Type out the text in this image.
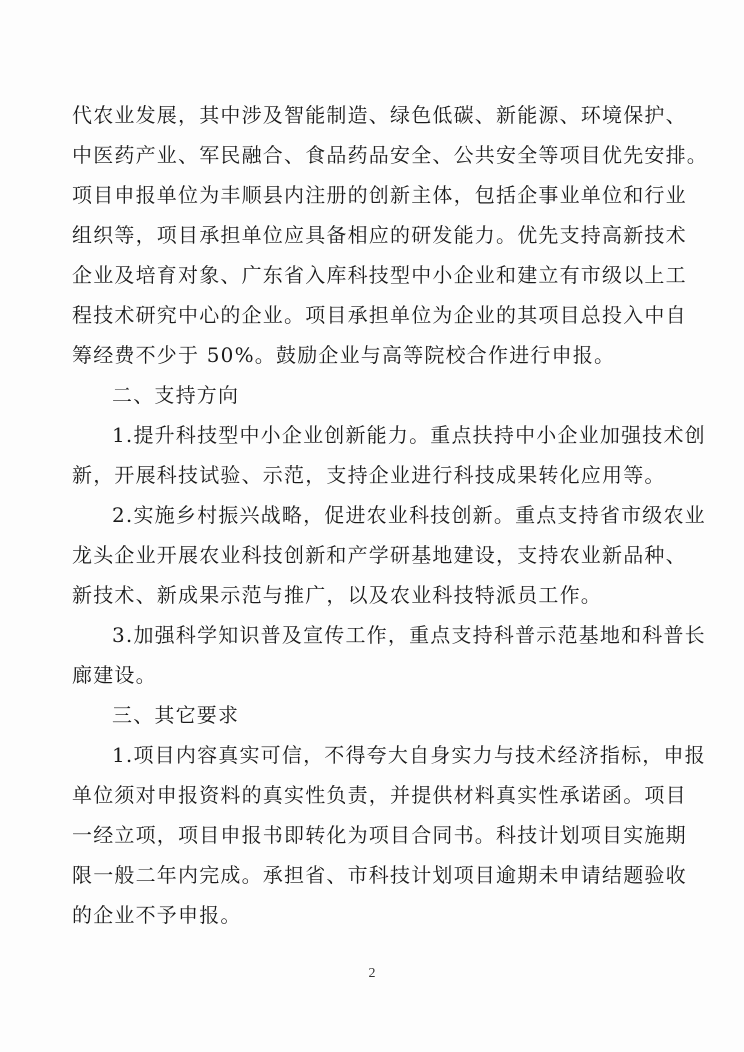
代农业发展，其中涉及智能制造、绿色低碳、新能源、环境保护、
中医药产业、军民融合、食品药品安全、公共安全等项目优先安排。
项目申报单位为丰顺县内注册的创新主体，包括企事业单位和行业
组织等，项目承担单位应具备相应的研发能力。优先支持高新技术
企业及培育对象、广东省入库科技型中小企业和建立有市级以上工
程技术研究中心的企业。项目承担单位为企业的其项目总投入中自
筹经费不少于 50%。鼓励企业与高等院校合作进行申报。
二、支持方向
1.提升科技型中小企业创新能力。重点扶持中小企业加强技术创
新，开展科技试验、示范，支持企业进行科技成果转化应用等。
2.实施乡村振兴战略，促进农业科技创新。重点支持省市级农业
龙头企业开展农业科技创新和产学研基地建设，支持农业新品种、
新技术、新成果示范与推广，以及农业科技特派员工作。
3.加强科学知识普及宣传工作，重点支持科普示范基地和科普长
廊建设。
三、其它要求
1.项目内容真实可信，不得夸大自身实力与技术经济指标，申报
单位须对申报资料的真实性负责，并提供材料真实性承诺函。项目
一经立项，项目申报书即转化为项目合同书。科技计划项目实施期
限一般二年内完成。承担省、市科技计划项目逾期未申请结题验收
的企业不予申报。
2
